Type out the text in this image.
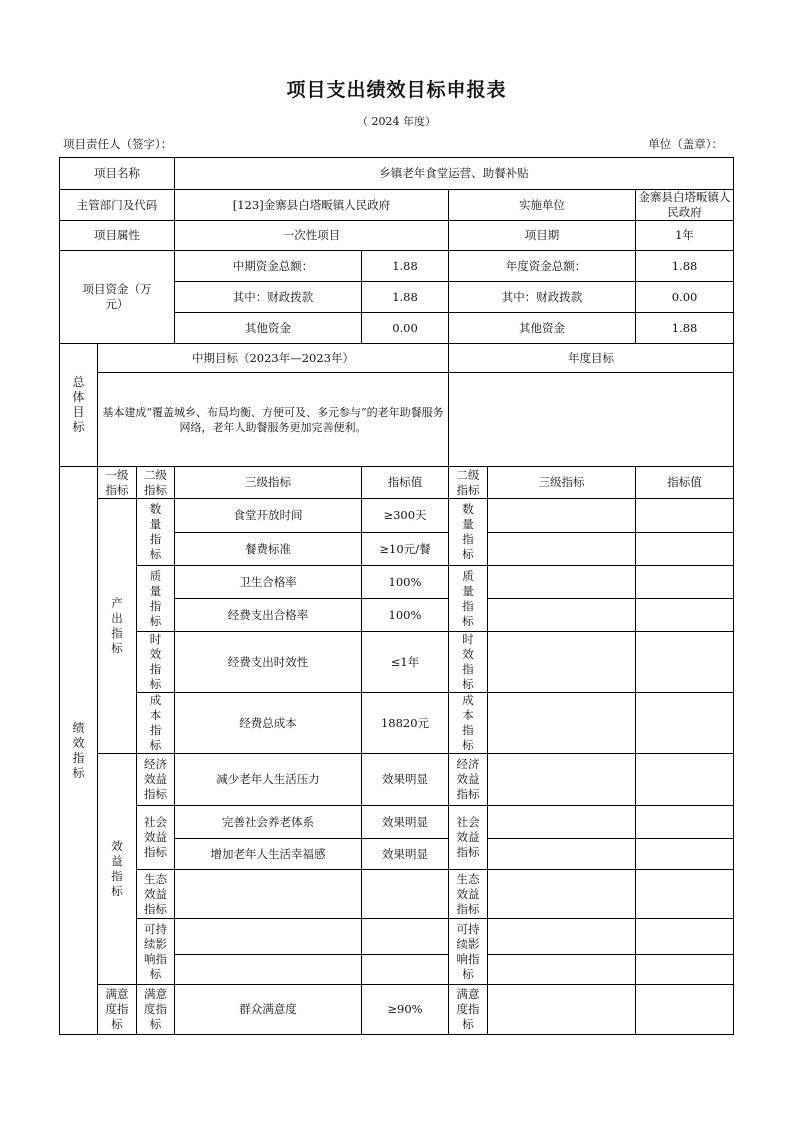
项目支出绩效目标申报表
（ 2024 年度）
项目责任人（签字）：	单位（盖章）：
项目名称			乡镇老年食堂运营、助餐补贴				
主管部门及代码			[123]金寨县白塔畈镇人民政府		实施单位		金寨县白塔畈镇人民政府
项目属性			一次性项目		项目期		1年
项目资金（万元）			中期资金总额：	1.88	年度资金总额：		1.88
			其中：财政拨款	1.88	其中：财政拨款		0.00
			其他资金	0.00	其他资金		1.88
总体目标	中期目标（2023年—2023年）				年度目标		
	基本建成“覆盖城乡、布局均衡、方便可及、多元参与”的老年助餐服务网络，老年人助餐服务更加完善便利。						
绩效指标	一级指标	二级指标	三级指标	指标值	二级指标	三级指标	指标值
	产出指标	数量指标	食堂开放时间	≥300天	数量指标		
			餐费标准	≥10元/餐			
		质量指标	卫生合格率	100%	质量指标		
			经费支出合格率	100%			
		时效指标	经费支出时效性	≤1年	时效指标		
		成本指标	经费总成本	18820元	成本指标		
	效益指标	经济效益指标	减少老年人生活压力	效果明显	经济效益指标		
		社会效益指标	完善社会养老体系	效果明显	社会效益指标		
			增加老年人生活幸福感	效果明显			
		生态效益指标			生态效益指标		
		可持续影响指标			可持续影响指标		

	满意度指标	满意度指标	群众满意度	≥90%	满意度指标		
